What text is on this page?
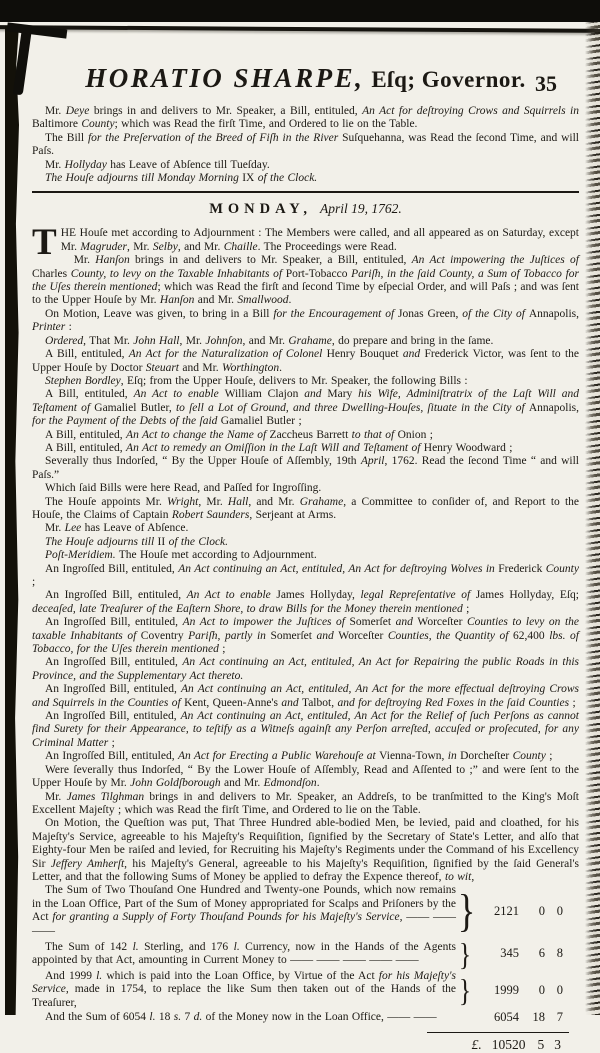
HORATIO SHARPE, Eſq; Governor. 35

Mr. Deye brings in and delivers to Mr. Speaker, a Bill, entituled, An Act for deſtroying Crows and Squirrels in Baltimore County; which was Read the firſt Time, and Ordered to lie on the Table.

The Bill for the Preſervation of the Breed of Fiſh in the River Suſquehanna, was Read the ſecond Time, and will Paſs.

Mr. Hollyday has Leave of Abſence till Tueſday.

The Houſe adjourns till Monday Morning IX of the Clock.

MONDAY, April 19, 1762.

THE Houſe met according to Adjournment : The Members were called, and all appeared as on Saturday, except Mr. Magruder, Mr. Selby, and Mr. Chaille. The Proceedings were Read.

Mr. Hanſon brings in and delivers to Mr. Speaker, a Bill, entituled, An Act impowering the Juſtices of Charles County, to levy on the Taxable Inhabitants of Port-Tobacco Pariſh, in the ſaid County, a Sum of Tobacco for the Uſes therein mentioned; which was Read the firſt and ſecond Time by eſpecial Order, and will Paſs ; and was ſent to the Upper Houſe by Mr. Hanſon and Mr. Smallwood.

On Motion, Leave was given, to bring in a Bill for the Encouragement of Jonas Green, of the City of Annapolis, Printer :

Ordered, That Mr. John Hall, Mr. Johnſon, and Mr. Grahame, do prepare and bring in the ſame.

A Bill, entituled, An Act for the Naturalization of Colonel Henry Bouquet and Frederick Victor, was ſent to the Upper Houſe by Doctor Steuart and Mr. Worthington.

Stephen Bordley, Eſq; from the Upper Houſe, delivers to Mr. Speaker, the following Bills :

A Bill, entituled, An Act to enable William Clajon and Mary his Wife, Adminiſtratrix of the Laſt Will and Teſtament of Gamaliel Butler, to ſell a Lot of Ground, and three Dwelling-Houſes, ſituate in the City of Annapolis, for the Payment of the Debts of the ſaid Gamaliel Butler ;

A Bill, entituled, An Act to change the Name of Zaccheus Barrett to that of Onion ;

A Bill, entituled, An Act to remedy an Omiſſion in the Laſt Will and Teſtament of Henry Woodward ;

Severally thus Indorſed, “ By the Upper Houſe of Aſſembly, 19th April, 1762. Read the ſecond Time “ and will Paſs.”

Which ſaid Bills were here Read, and Paſſed for Ingroſſing.

The Houſe appoints Mr. Wright, Mr. Hall, and Mr. Grahame, a Committee to conſider of, and Report to the Houſe, the Claims of Captain Robert Saunders, Serjeant at Arms.

Mr. Lee has Leave of Abſence.

The Houſe adjourns till II of the Clock.

Poſt-Meridiem. The Houſe met according to Adjournment.

An Ingroſſed Bill, entituled, An Act continuing an Act, entituled, An Act for deſtroying Wolves in Frederick County ;

An Ingroſſed Bill, entituled, An Act to enable James Hollyday, legal Repreſentative of James Hollyday, Eſq; deceaſed, late Treaſurer of the Eaſtern Shore, to draw Bills for the Money therein mentioned ;

An Ingroſſed Bill, entituled, An Act to impower the Juſtices of Somerſet and Worceſter Counties to levy on the taxable Inhabitants of Coventry Pariſh, partly in Somerſet and Worceſter Counties, the Quantity of 62,400 lbs. of Tobacco, for the Uſes therein mentioned ;

An Ingroſſed Bill, entituled, An Act continuing an Act, entituled, An Act for Repairing the public Roads in this Province, and the Supplementary Act thereto.

An Ingroſſed Bill, entituled, An Act continuing an Act, entituled, An Act for the more effectual deſtroying Crows and Squirrels in the Counties of Kent, Queen-Anne's and Talbot, and for deſtroying Red Foxes in the ſaid Counties ;

An Ingroſſed Bill, entituled, An Act continuing an Act, entituled, An Act for the Relief of ſuch Perſons as cannot find Surety for their Appearance, to teſtify as a Witneſs againſt any Perſon arreſted, accuſed or proſecuted, for any Criminal Matter ;

An Ingroſſed Bill, entituled, An Act for Erecting a Public Warehouſe at Vienna-Town, in Dorcheſter County ;

Were ſeverally thus Indorſed, “ By the Lower Houſe of Aſſembly, Read and Aſſented to ;” and were ſent to the Upper Houſe by Mr. John Goldſborough and Mr. Edmondſon.

Mr. James Tilghman brings in and delivers to Mr. Speaker, an Addreſs, to be tranſmitted to the King's Moſt Excellent Majeſty ; which was Read the firſt Time, and Ordered to lie on the Table.

On Motion, the Queſtion was put, That Three Hundred able-bodied Men, be levied, paid and cloathed, for his Majeſty's Service, agreeable to his Majeſty's Requiſition, ſignified by the Secretary of State's Letter, and alſo that Eighty-four Men be raiſed and levied, for Recruiting his Majeſty's Regiments under the Command of his Excellency Sir Jeffery Amherſt, his Majeſty's General, agreeable to his Majeſty's Requiſition, ſignified by the ſaid General's Letter, and that the following Sums of Money be applied to defray the Expence thereof, to wit,

The Sum of Two Thouſand One Hundred and Twenty-one Pounds, which now remains in the Loan Office, Part of the Sum of Money appropriated for Scalps and Priſoners by the Act for granting a Supply of Forty Thouſand Pounds for his Majeſty's Service, —— —— ——	}	2121	0 0

The Sum of 142 l. Sterling, and 176 l. Currency, now in the Hands of the Agents appointed by that Act, amounting in Current Money to —— —— —— —— ——	}	345	6 8

And 1999 l. which is paid into the Loan Office, by Virtue of the Act for his Majeſty's Service, made in 1754, to replace the like Sum then taken out of the Hands of the Treaſurer,	}	1999	0 0

And the Sum of 6054 l. 18 s. 7 d. of the Money now in the Loan Office, —— ——	6054	18 7
£. 10520 5 3
